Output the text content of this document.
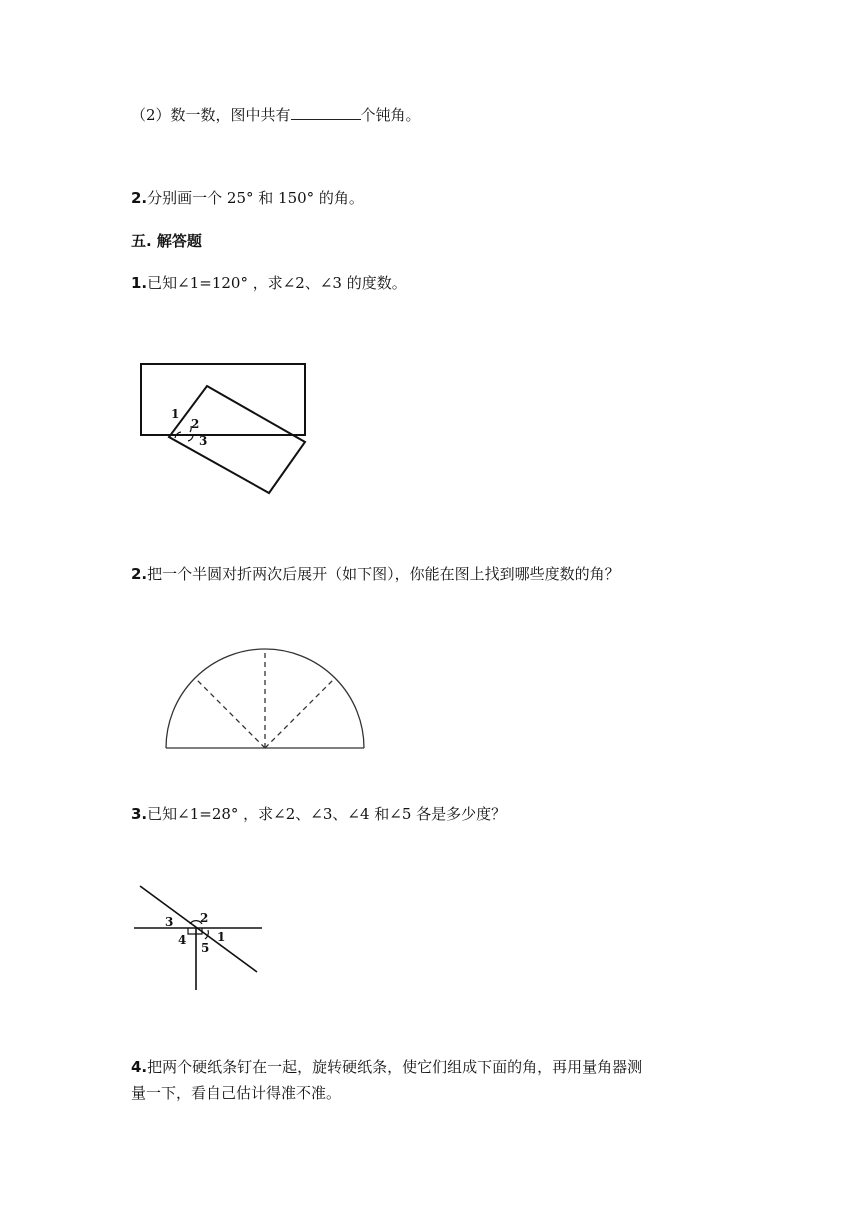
（2）数一数，图中共有	个钝角。
2.分别画一个 25° 和 150° 的角。
五. 解答题
1.已知∠1=120° ，求∠2、∠3 的度数。
1
2
3
2.把一个半圆对折两次后展开（如下图），你能在图上找到哪些度数的角？
3.已知∠1=28° ，求∠2、∠3、∠4 和∠5 各是多少度？
3 2
4	1
5
4.把两个硬纸条钉在一起，旋转硬纸条，使它们组成下面的角，再用量角器测
量一下，看自己估计得准不准。
